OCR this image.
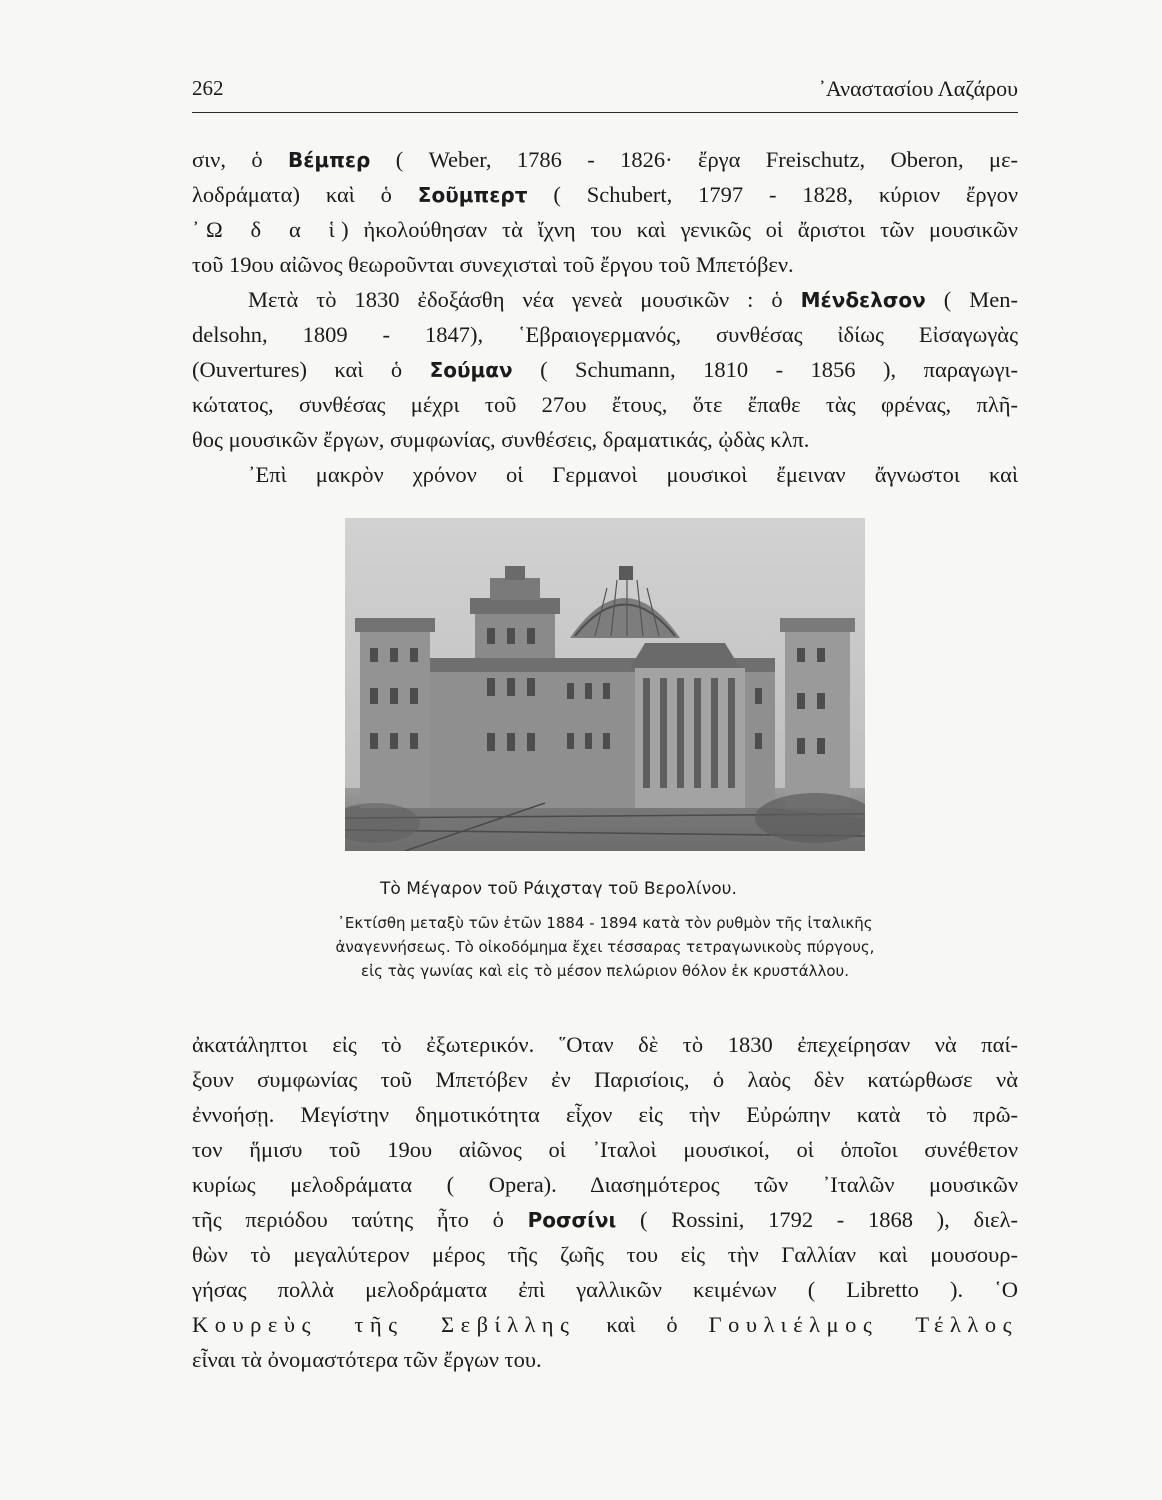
262	᾿Αναστασίου Λαζάρου
σιν, ὁ Βέμπερ ( Weber, 1786 - 1826· ἔργα Freischutz, Oberon, με-
λοδράματα) καὶ ὁ Σοῦμπερτ ( Schubert, 1797 - 1828, κύριον ἔργον
᾿Ω δ α ἱ) ἠκολούθησαν τὰ ἴχνη του καὶ γενικῶς οἱ ἄριστοι τῶν μουσικῶν
τοῦ 19ου αἰῶνος θεωροῦνται συνεχισταὶ τοῦ ἔργου τοῦ Μπετόβεν.
Μετὰ τὸ 1830 ἐδοξάσθη νέα γενεὰ μουσικῶν : ὁ Μένδελσον ( Men-
delsohn, 1809 - 1847), ῾Εβραιογερμανός, συνθέσας ἰδίως Εἰσαγωγὰς
(Ouvertures) καὶ ὁ Σούμαν ( Schumann, 1810 - 1856 ), παραγωγι-
κώτατος, συνθέσας μέχρι τοῦ 27ου ἔτους, ὅτε ἔπαθε τὰς φρένας, πλῆ-
θος μουσικῶν ἔργων, συμφωνίας, συνθέσεις, δραματικάς, ᾠδὰς κλπ.
᾿Επὶ μακρὸν χρόνον οἱ Γερμανοὶ μουσικοὶ ἔμειναν ἄγνωστοι καὶ
Τὸ Μέγαρον τοῦ Ράιχσταγ τοῦ Βερολίνου.
᾿Εκτίσθη μεταξὺ τῶν ἐτῶν 1884 - 1894 κατὰ τὸν ρυθμὸν τῆς ἰταλικῆς
ἀναγεννήσεως. Τὸ οἰκοδόμημα ἔχει τέσσαρας τετραγωνικοὺς πύργους,
εἰς τὰς γωνίας καὶ εἰς τὸ μέσον πελώριον θόλον ἐκ κρυστάλλου.
ἀκατάληπτοι εἰς τὸ ἐξωτερικόν. ῞Οταν δὲ τὸ 1830 ἐπεχείρησαν νὰ παί-
ξουν συμφωνίας τοῦ Μπετόβεν ἐν Παρισίοις, ὁ λαὸς δὲν κατώρθωσε νὰ
ἐννοήσῃ. Μεγίστην δημοτικότητα εἶχον εἰς τὴν Εὐρώπην κατὰ τὸ πρῶ-
τον ἥμισυ τοῦ 19ου αἰῶνος οἱ ᾿Ιταλοὶ μουσικοί, οἱ ὁποῖοι συνέθετον
κυρίως μελοδράματα ( Opera). Διασημότερος τῶν ᾿Ιταλῶν μουσικῶν
τῆς περιόδου ταύτης ἦτο ὁ Ροσσίνι ( Rossini, 1792 - 1868 ), διελ-
θὼν τὸ μεγαλύτερον μέρος τῆς ζωῆς του εἰς τὴν Γαλλίαν καὶ μουσουρ-
γήσας πολλὰ μελοδράματα ἐπὶ γαλλικῶν κειμένων ( Libretto ). ῾Ο
Κουρεὺς τῆς Σεβίλλης καὶ ὁ Γουλιέλμος Τέλλος
εἶναι τὰ ὀνομαστότερα τῶν ἔργων του.
